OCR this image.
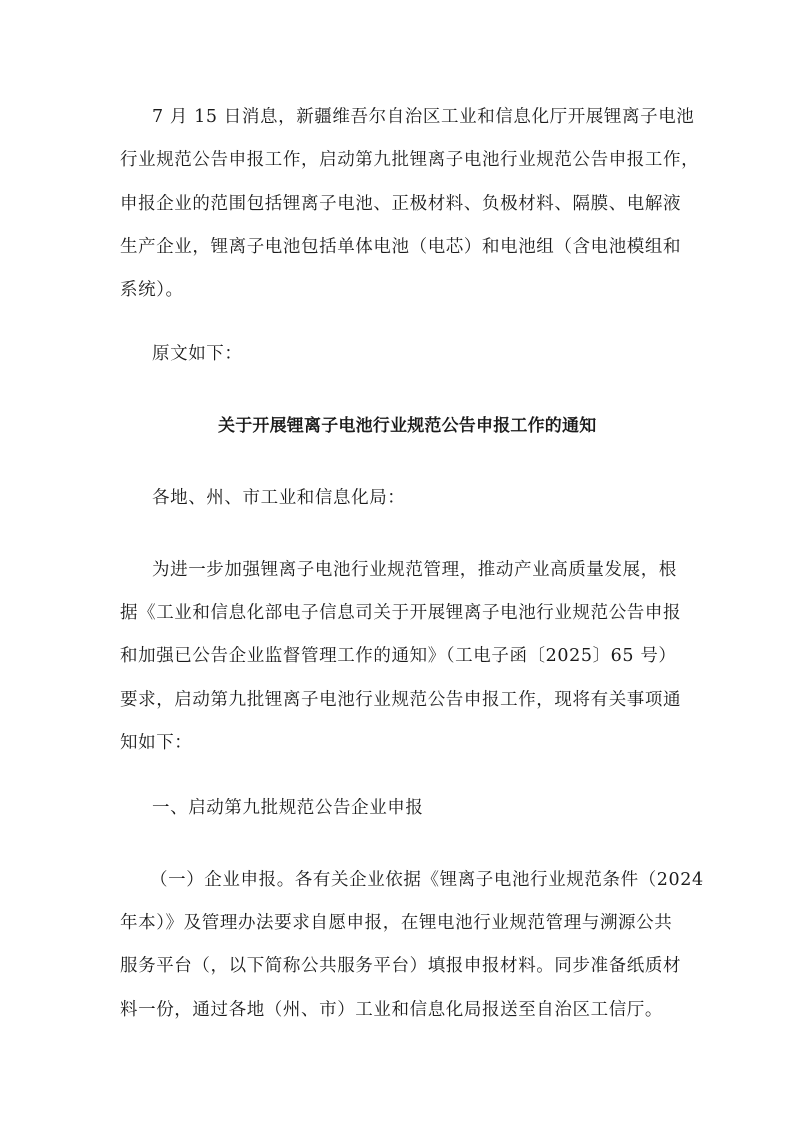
7 月 15 日消息，新疆维吾尔自治区工业和信息化厅开展锂离子电池
行业规范公告申报工作，启动第九批锂离子电池行业规范公告申报工作，
申报企业的范围包括锂离子电池、正极材料、负极材料、隔膜、电解液
生产企业，锂离子电池包括单体电池（电芯）和电池组（含电池模组和
系统）。
原文如下：
关于开展锂离子电池行业规范公告申报工作的通知
各地、州、市工业和信息化局：
为进一步加强锂离子电池行业规范管理，推动产业高质量发展，根
据《工业和信息化部电子信息司关于开展锂离子电池行业规范公告申报
和加强已公告企业监督管理工作的通知》（工电子函〔2025〕65 号）
要求，启动第九批锂离子电池行业规范公告申报工作，现将有关事项通
知如下：
一、启动第九批规范公告企业申报
（一）企业申报。各有关企业依据《锂离子电池行业规范条件（2024
年本）》及管理办法要求自愿申报，在锂电池行业规范管理与溯源公共
服务平台（，以下简称公共服务平台）填报申报材料。同步准备纸质材
料一份，通过各地（州、市）工业和信息化局报送至自治区工信厅。
